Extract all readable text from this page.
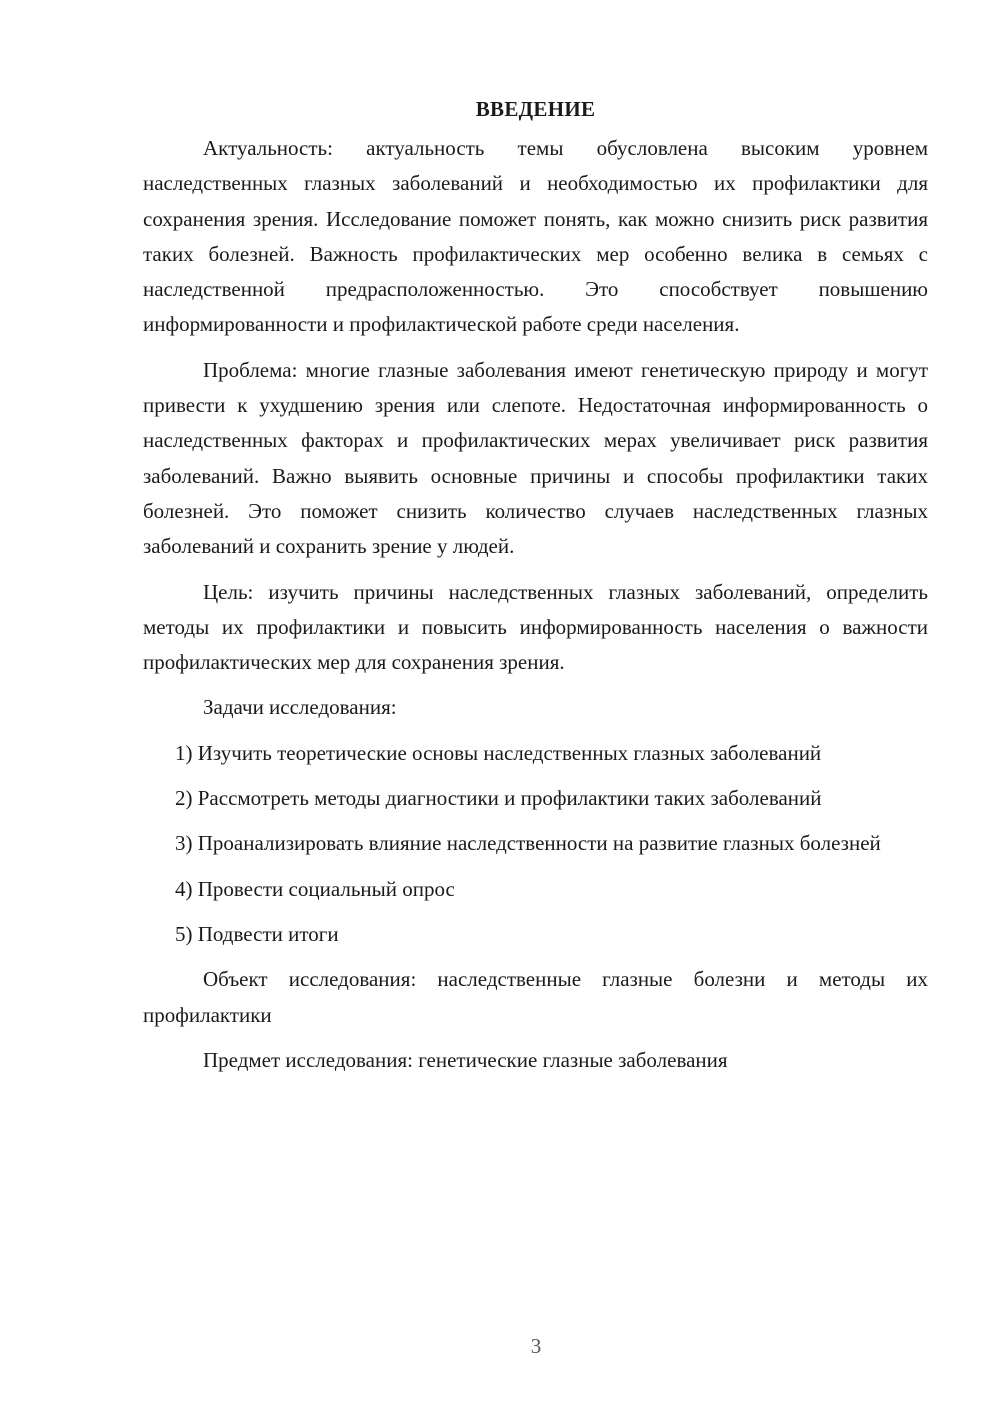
ВВЕДЕНИЕ

Актуальность: актуальность темы обусловлена высоким уровнем наследственных глазных заболеваний и необходимостью их профилактики для сохранения зрения. Исследование поможет понять, как можно снизить риск развития таких болезней. Важность профилактических мер особенно велика в семьях с наследственной предрасположенностью. Это способствует повышению информированности и профилактической работе среди населения.

Проблема: многие глазные заболевания имеют генетическую природу и могут привести к ухудшению зрения или слепоте. Недостаточная информированность о наследственных факторах и профилактических мерах увеличивает риск развития заболеваний. Важно выявить основные причины и способы профилактики таких болезней. Это поможет снизить количество случаев наследственных глазных заболеваний и сохранить зрение у людей.

Цель: изучить причины наследственных глазных заболеваний, определить методы их профилактики и повысить информированность населения о важности профилактических мер для сохранения зрения.

Задачи исследования:

1) Изучить теоретические основы наследственных глазных заболеваний

2) Рассмотреть методы диагностики и профилактики таких заболеваний

3) Проанализировать влияние наследственности на развитие глазных болезней

4) Провести социальный опрос

5) Подвести итоги

Объект исследования: наследственные глазные болезни и методы их профилактики

Предмет исследования: генетические глазные заболевания

3
